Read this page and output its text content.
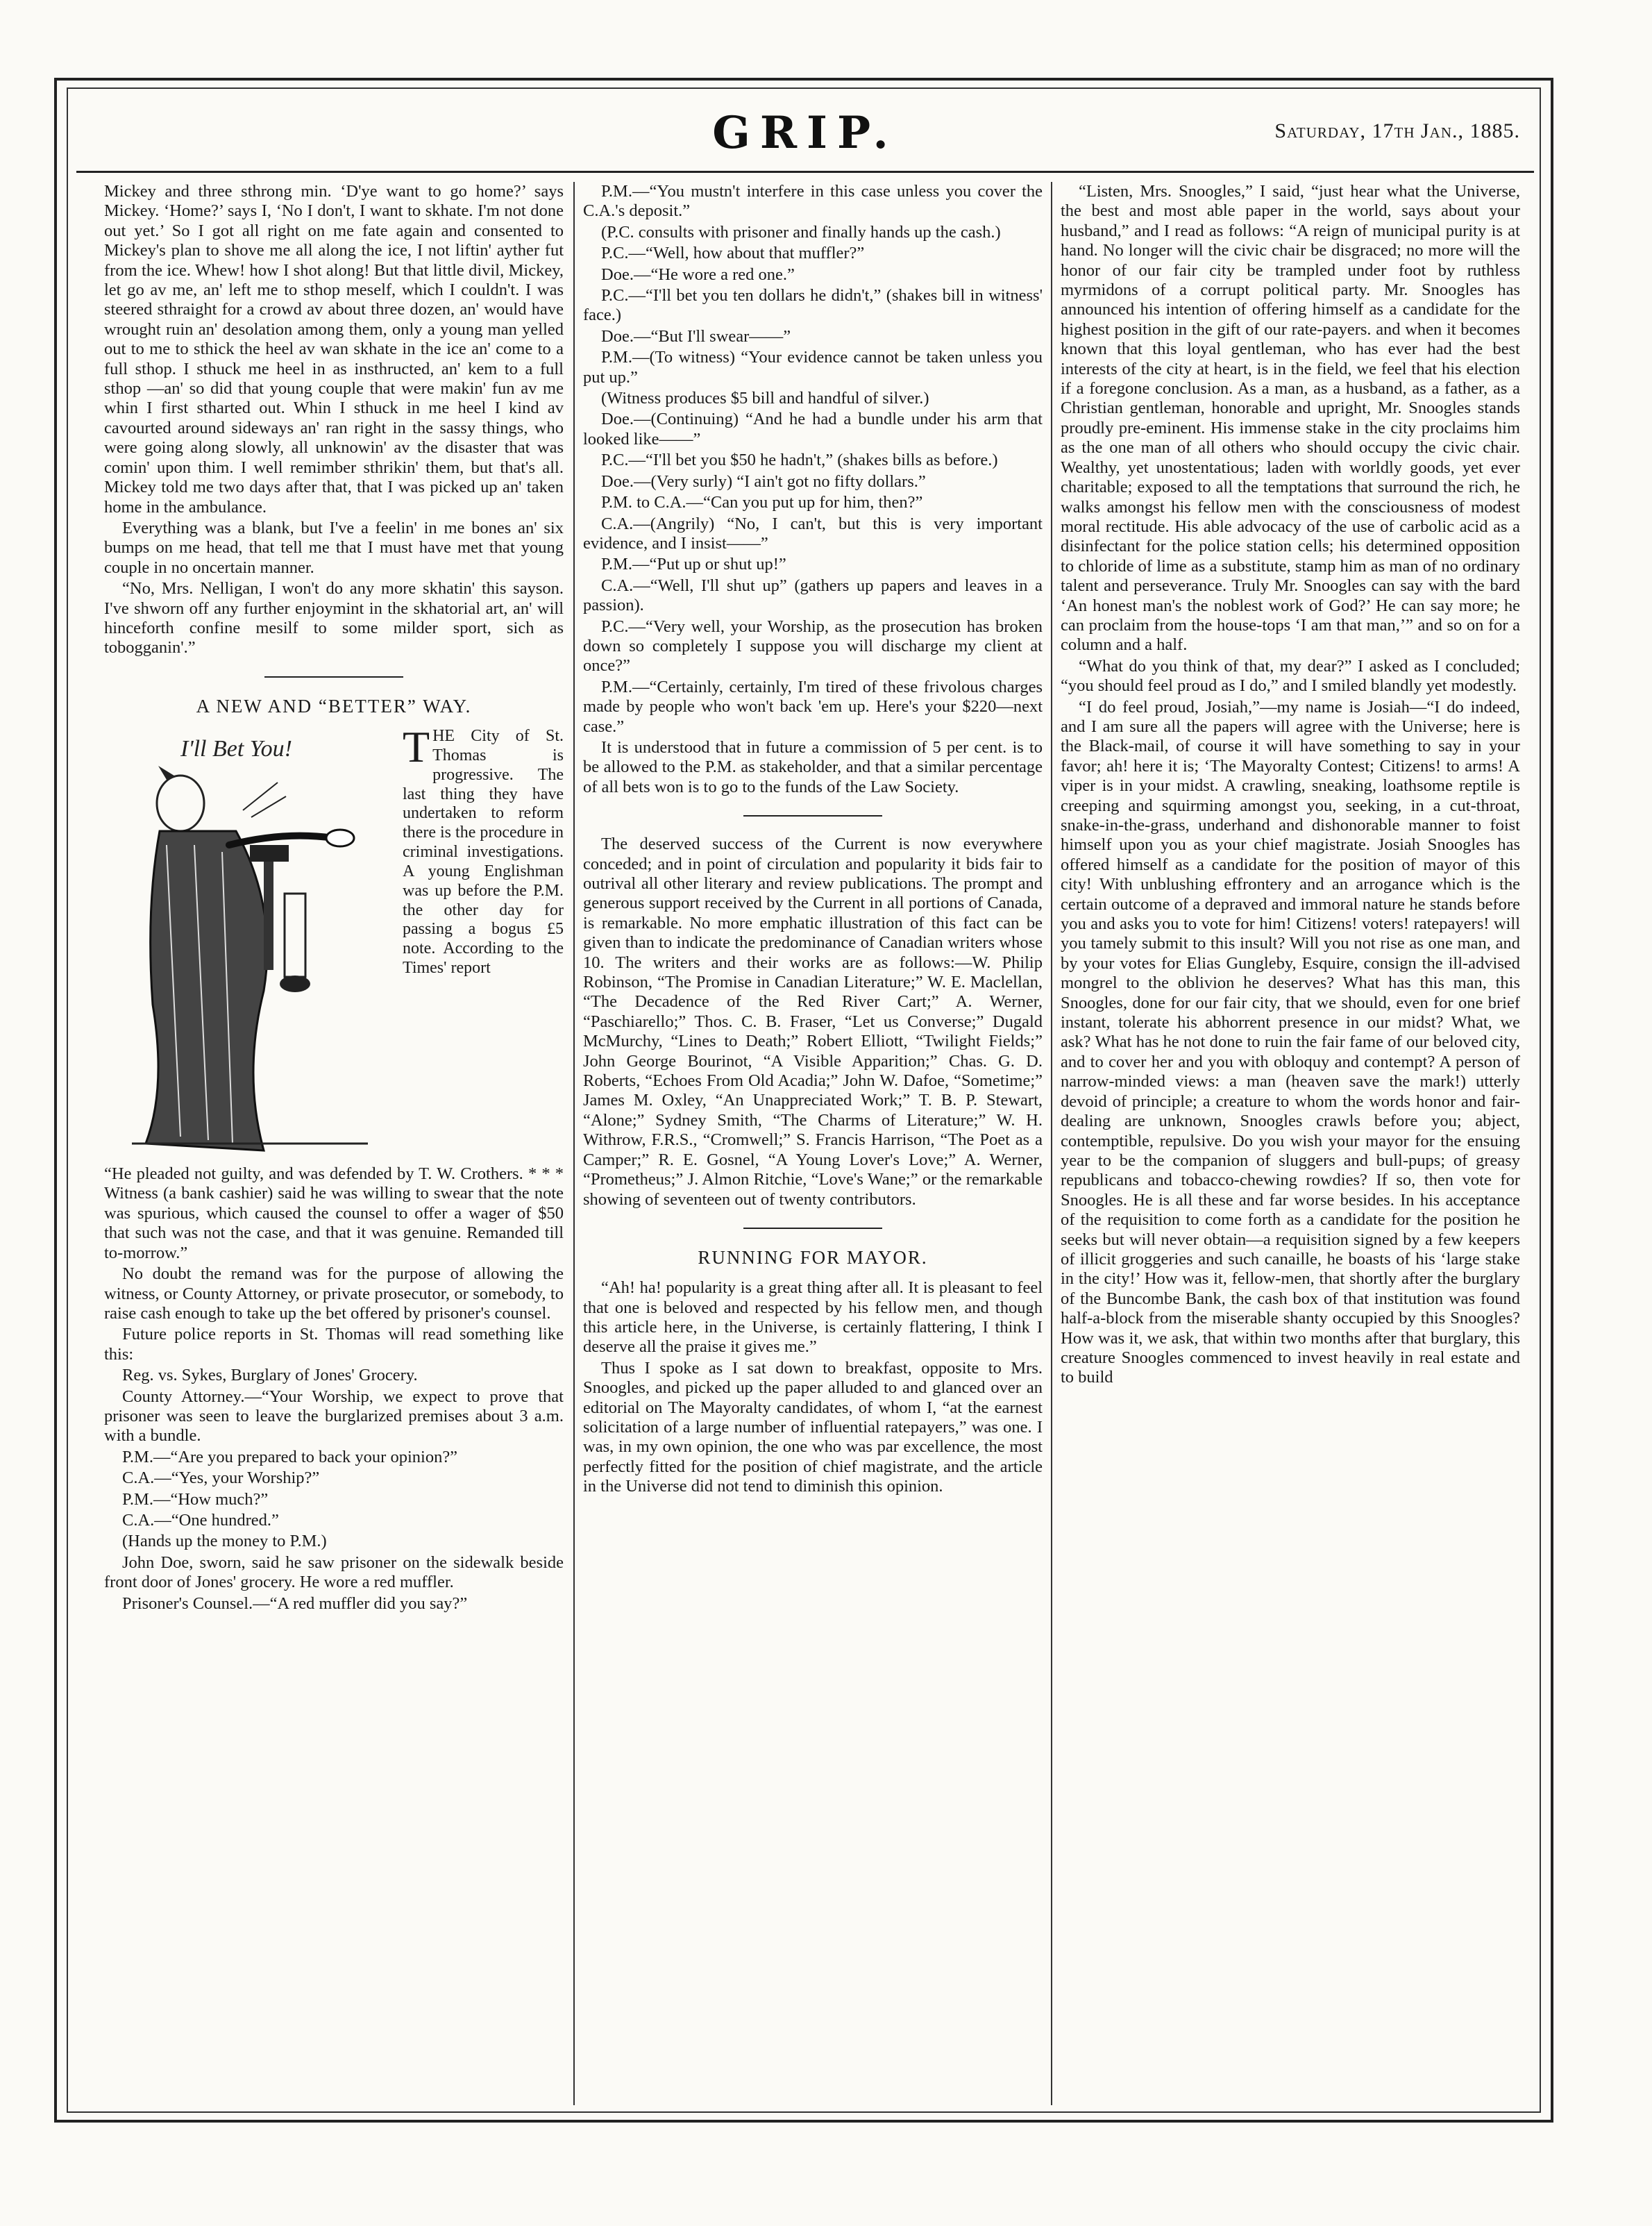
GRIP.	Saturday, 17th Jan., 1885.

Mickey and three sthrong min. ‘D'ye want to go home?’ says Mickey. ‘Home?’ says I, ‘No I don't, I want to skhate. I'm not done out yet.’ So I got all right on me fate again and consented to Mickey's plan to shove me all along the ice, I not liftin' ayther fut from the ice. Whew! how I shot along! But that little divil, Mickey, let go av me, an' left me to sthop meself, which I couldn't. I was steered sthraight for a crowd av about three dozen, an' would have wrought ruin an' desolation among them, only a young man yelled out to me to sthick the heel av wan skhate in the ice an' come to a full sthop. I sthuck me heel in as insthructed, an' kem to a full sthop —an' so did that young couple that were makin' fun av me whin I first stharted out. Whin I sthuck in me heel I kind av cavourted around sideways an' ran right in the sassy things, who were going along slowly, all unknowin' av the disaster that was comin' upon thim. I well remimber sthrikin' them, but that's all. Mickey told me two days after that, that I was picked up an' taken home in the ambulance.

Everything was a blank, but I've a feelin' in me bones an' six bumps on me head, that tell me that I must have met that young couple in no oncertain manner.

“No, Mrs. Nelligan, I won't do any more skhatin' this sayson. I've shworn off any further enjoymint in the skhatorial art, an' will hinceforth confine mesilf to some milder sport, sich as tobogganin'.”

A NEW AND “BETTER” WAY.
I'll Bet You! THE City of St. Thomas is progressive. The last thing they have undertaken to reform there is the procedure in criminal investigations. A young Englishman was up before the P.M. the other day for passing a bogus £5 note. According to the Times' report

“He pleaded not guilty, and was defended by T. W. Crothers. * * * Witness (a bank cashier) said he was willing to swear that the note was spurious, which caused the counsel to offer a wager of $50 that such was not the case, and that it was genuine. Remanded till to-morrow.”

No doubt the remand was for the purpose of allowing the witness, or County Attorney, or private prosecutor, or somebody, to raise cash enough to take up the bet offered by prisoner's counsel.

Future police reports in St. Thomas will read something like this:

Reg. vs. Sykes, Burglary of Jones' Grocery.

County Attorney.—“Your Worship, we expect to prove that prisoner was seen to leave the burglarized premises about 3 a.m. with a bundle.

P.M.—“Are you prepared to back your opinion?”

C.A.—“Yes, your Worship?”

P.M.—“How much?”

C.A.—“One hundred.”

(Hands up the money to P.M.)

John Doe, sworn, said he saw prisoner on the sidewalk beside front door of Jones' grocery. He wore a red muffler.

Prisoner's Counsel.—“A red muffler did you say?”

P.M.—“You mustn't interfere in this case unless you cover the C.A.'s deposit.”

(P.C. consults with prisoner and finally hands up the cash.)

P.C.—“Well, how about that muffler?”

Doe.—“He wore a red one.”

P.C.—“I'll bet you ten dollars he didn't,” (shakes bill in witness' face.)

Doe.—“But I'll swear——”

P.M.—(To witness) “Your evidence cannot be taken unless you put up.”

(Witness produces $5 bill and handful of silver.)

Doe.—(Continuing) “And he had a bundle under his arm that looked like——”

P.C.—“I'll bet you $50 he hadn't,” (shakes bills as before.)

Doe.—(Very surly) “I ain't got no fifty dollars.”

P.M. to C.A.—“Can you put up for him, then?”

C.A.—(Angrily) “No, I can't, but this is very important evidence, and I insist——”

P.M.—“Put up or shut up!”

C.A.—“Well, I'll shut up” (gathers up papers and leaves in a passion).

P.C.—“Very well, your Worship, as the prosecution has broken down so completely I suppose you will discharge my client at once?”

P.M.—“Certainly, certainly, I'm tired of these frivolous charges made by people who won't back 'em up. Here's your $220—next case.”

It is understood that in future a commission of 5 per cent. is to be allowed to the P.M. as stakeholder, and that a similar percentage of all bets won is to go to the funds of the Law Society.

The deserved success of the Current is now everywhere conceded; and in point of circulation and popularity it bids fair to outrival all other literary and review publications. The prompt and generous support received by the Current in all portions of Canada, is remarkable. No more emphatic illustration of this fact can be given than to indicate the predominance of Canadian writers whose 10. The writers and their works are as follows:—W. Philip Robinson, “The Promise in Canadian Literature;” W. E. Maclellan, “The Decadence of the Red River Cart;” A. Werner, “Paschiarello;” Thos. C. B. Fraser, “Let us Converse;” Dugald McMurchy, “Lines to Death;” Robert Elliott, “Twilight Fields;” John George Bourinot, “A Visible Apparition;” Chas. G. D. Roberts, “Echoes From Old Acadia;” John W. Dafoe, “Sometime;” James M. Oxley, “An Unappreciated Work;” T. B. P. Stewart, “Alone;” Sydney Smith, “The Charms of Literature;” W. H. Withrow, F.R.S., “Cromwell;” S. Francis Harrison, “The Poet as a Camper;” R. E. Gosnel, “A Young Lover's Love;” A. Werner, “Prometheus;” J. Almon Ritchie, “Love's Wane;” or the remarkable showing of seventeen out of twenty contributors.

RUNNING FOR MAYOR.

“Ah! ha! popularity is a great thing after all. It is pleasant to feel that one is beloved and respected by his fellow men, and though this article here, in the Universe, is certainly flattering, I think I deserve all the praise it gives me.”

Thus I spoke as I sat down to breakfast, opposite to Mrs. Snoogles, and picked up the paper alluded to and glanced over an editorial on The Mayoralty candidates, of whom I, “at the earnest solicitation of a large number of influential ratepayers,” was one. I was, in my own opinion, the one who was par excellence, the most perfectly fitted for the position of chief magistrate, and the article in the Universe did not tend to diminish this opinion.

“Listen, Mrs. Snoogles,” I said, “just hear what the Universe, the best and most able paper in the world, says about your husband,” and I read as follows: “A reign of municipal purity is at hand. No longer will the civic chair be disgraced; no more will the honor of our fair city be trampled under foot by ruthless myrmidons of a corrupt political party. Mr. Snoogles has announced his intention of offering himself as a candidate for the highest position in the gift of our rate-payers. and when it becomes known that this loyal gentleman, who has ever had the best interests of the city at heart, is in the field, we feel that his election if a foregone conclusion. As a man, as a husband, as a father, as a Christian gentleman, honorable and upright, Mr. Snoogles stands proudly pre-eminent. His immense stake in the city proclaims him as the one man of all others who should occupy the civic chair. Wealthy, yet unostentatious; laden with worldly goods, yet ever charitable; exposed to all the temptations that surround the rich, he walks amongst his fellow men with the consciousness of modest moral rectitude. His able advocacy of the use of carbolic acid as a disinfectant for the police station cells; his determined opposition to chloride of lime as a substitute, stamp him as man of no ordinary talent and perseverance. Truly Mr. Snoogles can say with the bard ‘An honest man's the noblest work of God?’ He can say more; he can proclaim from the house-tops ‘I am that man,’” and so on for a column and a half.

“What do you think of that, my dear?” I asked as I concluded; “you should feel proud as I do,” and I smiled blandly yet modestly.

“I do feel proud, Josiah,”—my name is Josiah—“I do indeed, and I am sure all the papers will agree with the Universe; here is the Black-mail, of course it will have something to say in your favor; ah! here it is; ‘The Mayoralty Contest; Citizens! to arms! A viper is in your midst. A crawling, sneaking, loathsome reptile is creeping and squirming amongst you, seeking, in a cut-throat, snake-in-the-grass, underhand and dishonorable manner to foist himself upon you as your chief magistrate. Josiah Snoogles has offered himself as a candidate for the position of mayor of this city! With unblushing effrontery and an arrogance which is the certain outcome of a depraved and immoral nature he stands before you and asks you to vote for him! Citizens! voters! ratepayers! will you tamely submit to this insult? Will you not rise as one man, and by your votes for Elias Gungleby, Esquire, consign the ill-advised mongrel to the oblivion he deserves? What has this man, this Snoogles, done for our fair city, that we should, even for one brief instant, tolerate his abhorrent presence in our midst? What, we ask? What has he not done to ruin the fair fame of our beloved city, and to cover her and you with obloquy and contempt? A person of narrow-minded views: a man (heaven save the mark!) utterly devoid of principle; a creature to whom the words honor and fair-dealing are unknown, Snoogles crawls before you; abject, contemptible, repulsive. Do you wish your mayor for the ensuing year to be the companion of sluggers and bull-pups; of greasy republicans and tobacco-chewing rowdies? If so, then vote for Snoogles. He is all these and far worse besides. In his acceptance of the requisition to come forth as a candidate for the position he seeks but will never obtain—a requisition signed by a few keepers of illicit groggeries and such canaille, he boasts of his ‘large stake in the city!’ How was it, fellow-men, that shortly after the burglary of the Buncombe Bank, the cash box of that institution was found half-a-block from the miserable shanty occupied by this Snoogles? How was it, we ask, that within two months after that burglary, this creature Snoogles commenced to invest heavily in real estate and to build
